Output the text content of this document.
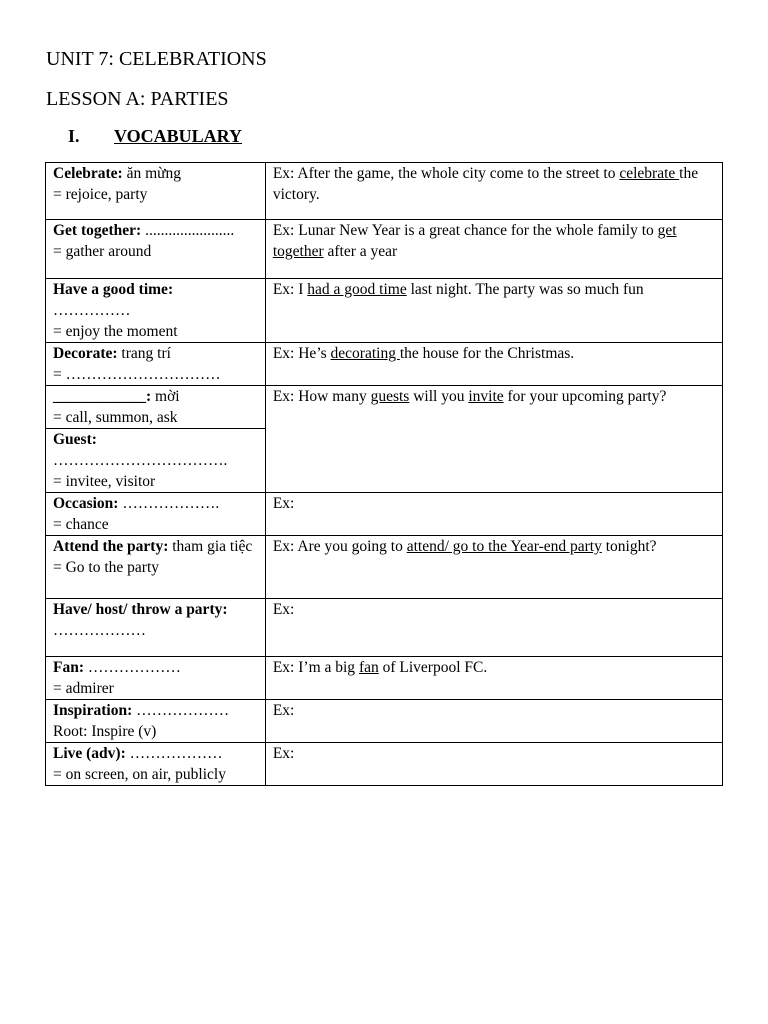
UNIT 7: CELEBRATIONS
LESSON A: PARTIES
I. VOCABULARY
Celebrate: ăn mừng
= rejoice, party	Ex: After the game, the whole city come to the street to celebrate the victory.
Get together: .......................
= gather around	Ex: Lunar New Year is a great chance for the whole family to get together after a year
Have a good time:
……………
= enjoy the moment	Ex: I had a good time last night. The party was so much fun
Decorate: trang trí
= …………………………	Ex: He’s decorating the house for the Christmas.
____________: mời
= call, summon, ask	Ex: How many guests will you invite for your upcoming party?
Guest:
…………………………….
= invitee, visitor	
Occasion: ……………….
= chance	Ex:
Attend the party: tham gia tiệc
= Go to the party	Ex: Are you going to attend/ go to the Year-end party tonight?
Have/ host/ throw a party:
………………	Ex:
Fan: ………………
= admirer	Ex: I’m a big fan of Liverpool FC.
Inspiration: ………………
Root: Inspire (v)	Ex:
Live (adv): ………………
= on screen, on air, publicly	Ex:
